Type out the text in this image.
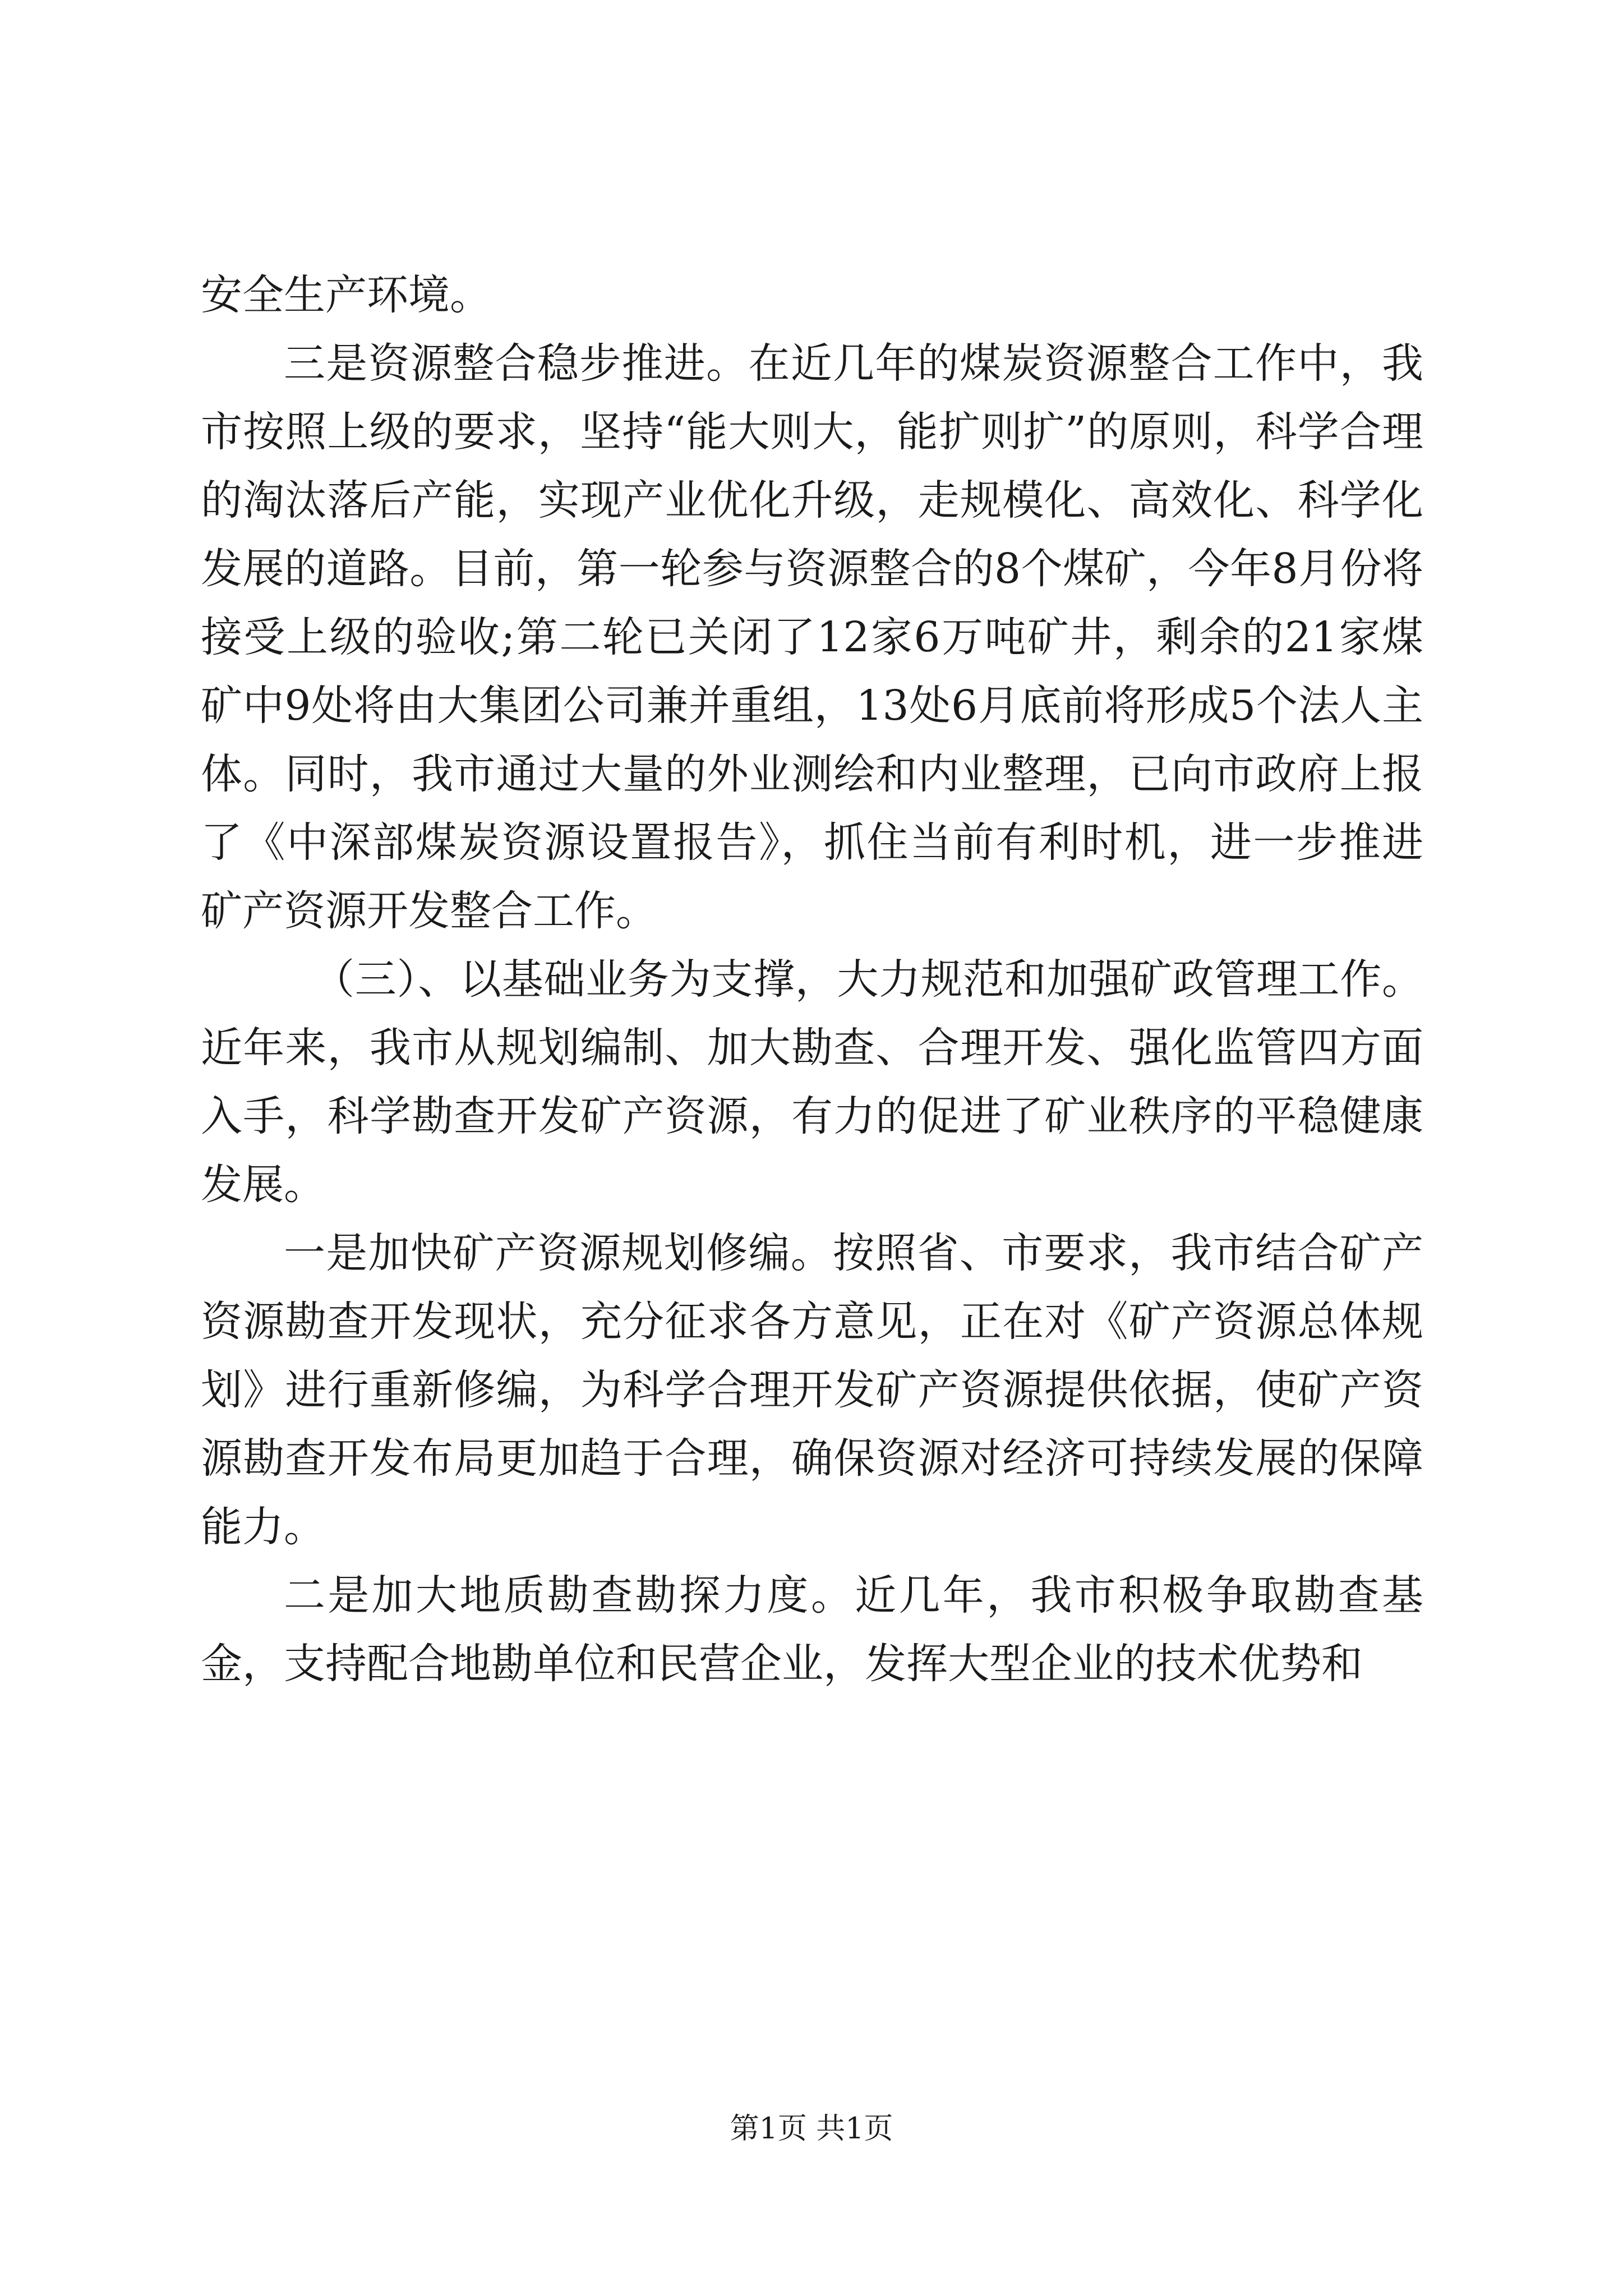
安全生产环境。

三是资源整合稳步推进。在近几年的煤炭资源整合工作中，我市按照上级的要求，坚持“能大则大，能扩则扩”的原则，科学合理的淘汰落后产能，实现产业优化升级，走规模化、高效化、科学化发展的道路。目前，第一轮参与资源整合的8个煤矿，今年8月份将接受上级的验收;第二轮已关闭了12家6万吨矿井，剩余的21家煤矿中9处将由大集团公司兼并重组，13处6月底前将形成5个法人主体。同时，我市通过大量的外业测绘和内业整理，已向市政府上报了《中深部煤炭资源设置报告》，抓住当前有利时机，进一步推进矿产资源开发整合工作。

（三）、以基础业务为支撑，大力规范和加强矿政管理工作。近年来，我市从规划编制、加大勘查、合理开发、强化监管四方面入手，科学勘查开发矿产资源，有力的促进了矿业秩序的平稳健康发展。

一是加快矿产资源规划修编。按照省、市要求，我市结合矿产资源勘查开发现状，充分征求各方意见，正在对《矿产资源总体规划》进行重新修编，为科学合理开发矿产资源提供依据，使矿产资源勘查开发布局更加趋于合理，确保资源对经济可持续发展的保障能力。

二是加大地质勘查勘探力度。近几年，我市积极争取勘查基金，支持配合地勘单位和民营企业，发挥大型企业的技术优势和

第1页 共1页
